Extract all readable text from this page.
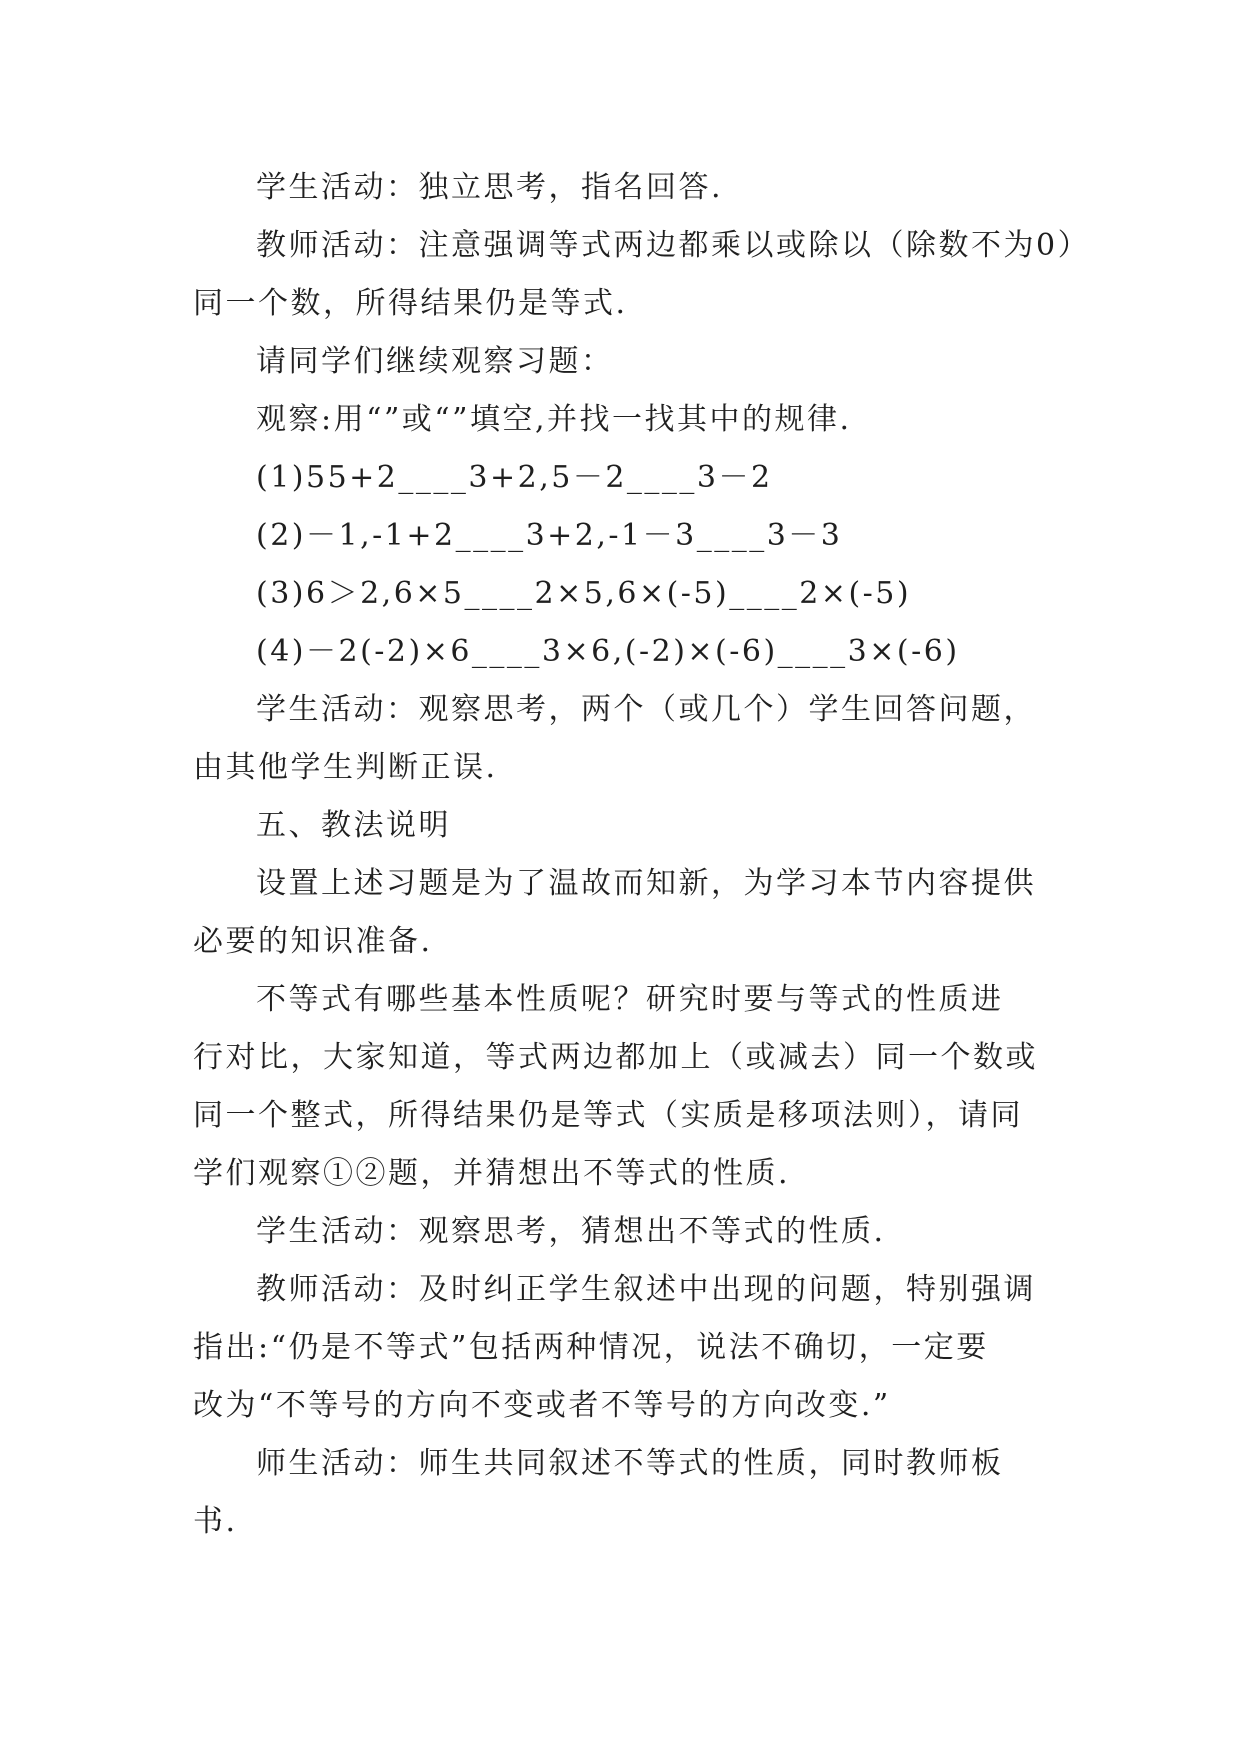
学生活动：独立思考，指名回答.

教师活动：注意强调等式两边都乘以或除以（除数不为0）

同一个数，所得结果仍是等式.

请同学们继续观察习题：

观察:用“”或“”填空,并找一找其中的规律.

(1)55+2____3+2,5－2____3－2

(2)－1,-1+2____3+2,-1－3____3－3

(3)6＞2,6×5____2×5,6×(-5)____2×(-5)

(4)－2(-2)×6____3×6,(-2)×(-6)____3×(-6)

学生活动：观察思考，两个（或几个）学生回答问题，

由其他学生判断正误.

五、教法说明

设置上述习题是为了温故而知新，为学习本节内容提供

必要的知识准备.

不等式有哪些基本性质呢？研究时要与等式的性质进

行对比，大家知道，等式两边都加上（或减去）同一个数或

同一个整式，所得结果仍是等式（实质是移项法则），请同

学们观察①②题，并猜想出不等式的性质.

学生活动：观察思考，猜想出不等式的性质.

教师活动：及时纠正学生叙述中出现的问题，特别强调

指出:“仍是不等式”包括两种情况，说法不确切，一定要

改为“不等号的方向不变或者不等号的方向改变.”

师生活动：师生共同叙述不等式的性质，同时教师板

书.
